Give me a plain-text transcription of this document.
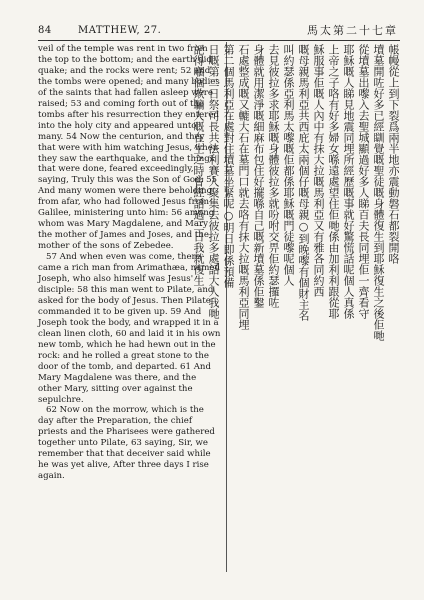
84	MATTHEW, 27.	馬太第二十七章

veil of the temple was rent in two from the top to the bottom; and the earth did quake; and the rocks were rent; 52 and the tombs were opened; and many bodies of the saints that had fallen asleep were raised; 53 and coming forth out of the tombs after his resurrection they entered into the holy city and appeared unto many. 54 Now the centurion, and they that were with him watching Jesus, when they saw the earthquake, and the things that were done, feared exceedingly, saying, Truly this was the Son of God. 55 And many women were there beholding from afar, who had followed Jesus from Galilee, ministering unto him: 56 among whom was Mary Magdalene, and Mary the mother of James and Joses, and the mother of the sons of Zebedee.

57 And when even was come, there came a rich man from Arimathæa, named Joseph, who also himself was Jesus' disciple: 58 this man went to Pilate, and asked for the body of Jesus. Then Pilate commanded it to be given up. 59 And Joseph took the body, and wrapped it in a clean linen cloth, 60 and laid it in his own new tomb, which he had hewn out in the rock: and he rolled a great stone to the door of the tomb, and departed. 61 And Mary Magdalene was there, and the other Mary, sitting over against the sepulchre.

62 Now on the morrow, which is the day after the Preparation, the chief priests and the Pharisees were gathered together unto Pilate, 63 saying, Sir, we remember that that deceiver said while he was yet alive, After three days I rise again.

帳幔從上到下裂爲兩半地亦震動磐石都裂開咯
墳墓開咗好多已經瞓覺嘅聖徒嘅身體復生到耶穌復生之後佢哋
從墳墓出嚟入去聖城顯過好多人睇百夫長同埋佢一齊看守
耶穌嘅人睇見地震同埋所經歷嘅事就好驚慌話呢個人真係
上帝之子咯有好多婦女喺遠處望住佢哋係由加利利跟從耶
穌服事佢嘅人內中有抹大拉嘅馬利亞又有雅各同約西
嘅母親馬利亞共西庇太兩個仔嘅母親○到晚嚟有個財主名
叫約瑟係亞利馬太嚟嘅佢都係耶穌嘅門徒嚟呢個人
去見彼拉多求耶穌嘅身體彼拉多就吩咐交畀佢約瑟攞咗
身體就用潔淨嘅細麻布包住好擺喺自己嘅新墳墓係佢鑿
石處整成嘅又轆大石在墓門口就去咯有抹大拉嘅馬利亞同埋
第二個馬利亞在處對住墳墓坐緊呢○明日即係預備
日嘅第二日祭司長共法利賽人聚集去彼拉多處話大人我哋
記得嗰個欺騙人嘅在生之時曾經話過三日我就復生
